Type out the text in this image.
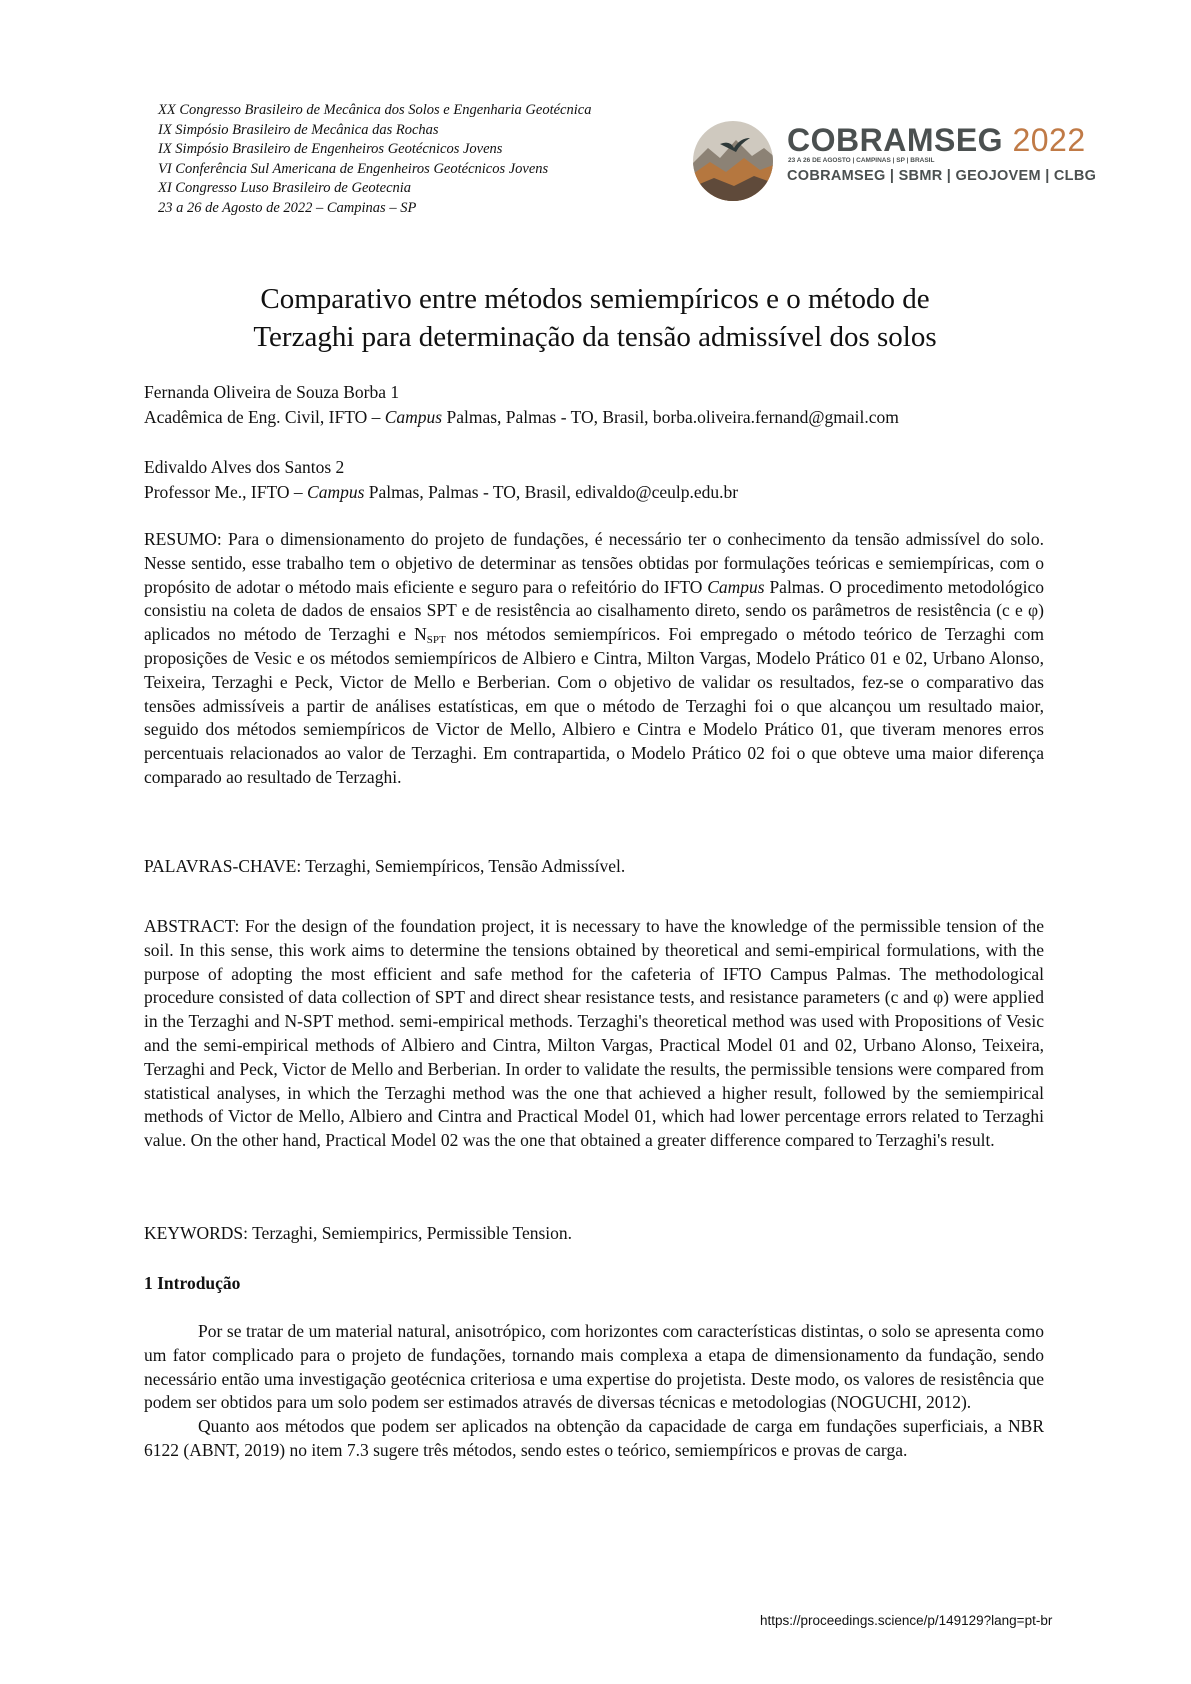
XX Congresso Brasileiro de Mecânica dos Solos e Engenharia Geotécnica
IX Simpósio Brasileiro de Mecânica das Rochas
IX Simpósio Brasileiro de Engenheiros Geotécnicos Jovens
VI Conferência Sul Americana de Engenheiros Geotécnicos Jovens
XI Congresso Luso Brasileiro de Geotecnia
23 a 26 de Agosto de 2022 – Campinas – SP
COBRAMSEG 2022
23 A 26 DE AGOSTO | CAMPINAS | SP | BRASIL
COBRAMSEG | SBMR | GEOJOVEM | CLBG
Comparativo entre métodos semiempíricos e o método de
Terzaghi para determinação da tensão admissível dos solos
Fernanda Oliveira de Souza Borba 1
Acadêmica de Eng. Civil, IFTO – Campus Palmas, Palmas - TO, Brasil, borba.oliveira.fernand@gmail.com
Edivaldo Alves dos Santos 2
Professor Me., IFTO – Campus Palmas, Palmas - TO, Brasil, edivaldo@ceulp.edu.br
RESUMO: Para o dimensionamento do projeto de fundações, é necessário ter o conhecimento da tensão admissível do solo. Nesse sentido, esse trabalho tem o objetivo de determinar as tensões obtidas por formulações teóricas e semiempíricas, com o propósito de adotar o método mais eficiente e seguro para o refeitório do IFTO Campus Palmas. O procedimento metodológico consistiu na coleta de dados de ensaios SPT e de resistência ao cisalhamento direto, sendo os parâmetros de resistência (c e φ) aplicados no método de Terzaghi e $N_{SPT}$ nos métodos semiempíricos. Foi empregado o método teórico de Terzaghi com proposições de Vesic e os métodos semiempíricos de Albiero e Cintra, Milton Vargas, Modelo Prático 01 e 02, Urbano Alonso, Teixeira, Terzaghi e Peck, Victor de Mello e Berberian. Com o objetivo de validar os resultados, fez-se o comparativo das tensões admissíveis a partir de análises estatísticas, em que o método de Terzaghi foi o que alcançou um resultado maior, seguido dos métodos semiempíricos de Victor de Mello, Albiero e Cintra e Modelo Prático 01, que tiveram menores erros percentuais relacionados ao valor de Terzaghi. Em contrapartida, o Modelo Prático 02 foi o que obteve uma maior diferença comparado ao resultado de Terzaghi.
PALAVRAS-CHAVE: Terzaghi, Semiempíricos, Tensão Admissível.
ABSTRACT: For the design of the foundation project, it is necessary to have the knowledge of the permissible tension of the soil. In this sense, this work aims to determine the tensions obtained by theoretical and semi-empirical formulations, with the purpose of adopting the most efficient and safe method for the cafeteria of IFTO Campus Palmas. The methodological procedure consisted of data collection of SPT and direct shear resistance tests, and resistance parameters (c and φ) were applied in the Terzaghi and N-SPT method. semi-empirical methods. Terzaghi's theoretical method was used with Propositions of Vesic and the semi-empirical methods of Albiero and Cintra, Milton Vargas, Practical Model 01 and 02, Urbano Alonso, Teixeira, Terzaghi and Peck, Victor de Mello and Berberian. In order to validate the results, the permissible tensions were compared from statistical analyses, in which the Terzaghi method was the one that achieved a higher result, followed by the semiempirical methods of Victor de Mello, Albiero and Cintra and Practical Model 01, which had lower percentage errors related to Terzaghi value. On the other hand, Practical Model 02 was the one that obtained a greater difference compared to Terzaghi's result.
KEYWORDS: Terzaghi, Semiempirics, Permissible Tension.
1 Introdução

Por se tratar de um material natural, anisotrópico, com horizontes com características distintas, o solo se apresenta como um fator complicado para o projeto de fundações, tornando mais complexa a etapa de dimensionamento da fundação, sendo necessário então uma investigação geotécnica criteriosa e uma expertise do projetista. Deste modo, os valores de resistência que podem ser obtidos para um solo podem ser estimados através de diversas técnicas e metodologias (NOGUCHI, 2012).

Quanto aos métodos que podem ser aplicados na obtenção da capacidade de carga em fundações superficiais, a NBR 6122 (ABNT, 2019) no item 7.3 sugere três métodos, sendo estes o teórico, semiempíricos e provas de carga.

https://proceedings.science/p/149129?lang=pt-br
